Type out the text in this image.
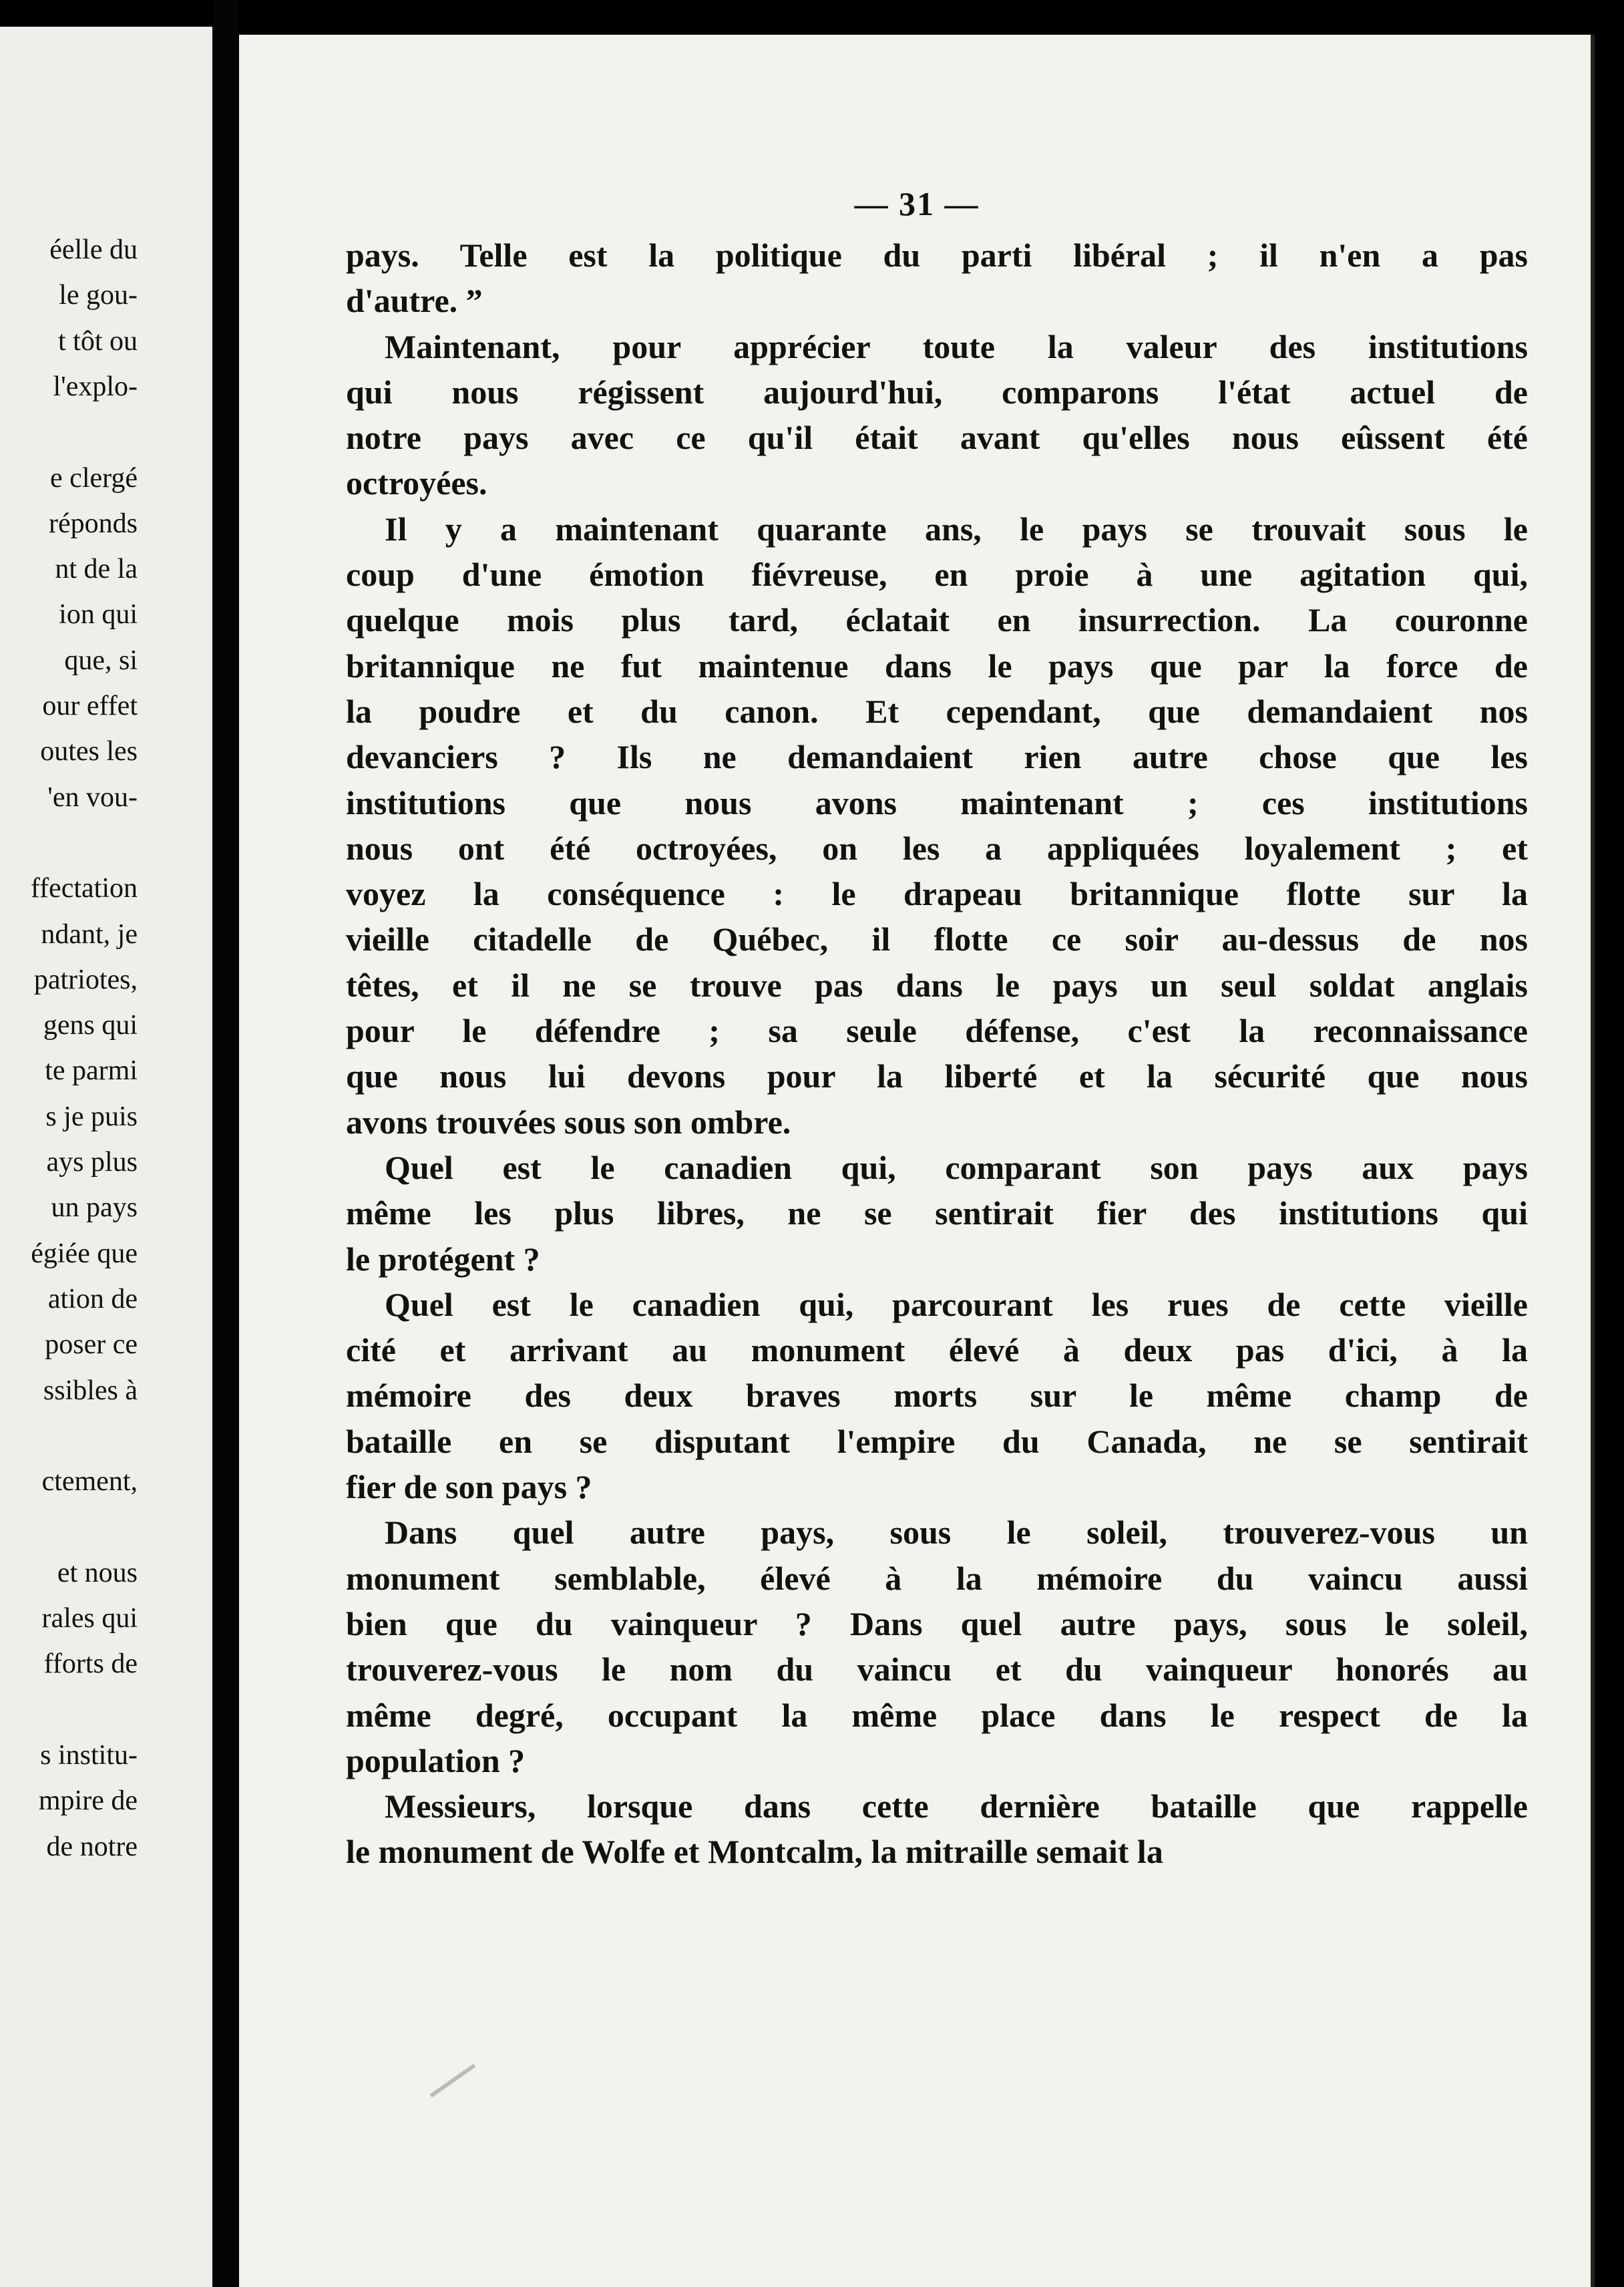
éelle du
le gou-
t tôt ou
l'explo-
e clergé
réponds
nt de la
ion qui
que, si
our effet
outes les
'en vou-
ffectation
ndant, je
patriotes,
gens qui
te parmi
s je puis
ays plus
un pays
égiée que
ation de
poser ce
ssibles à
ctement,
et nous
rales qui
fforts de
s institu-
mpire de
de notre
— 31 —
pays. Telle est la politique du parti libéral ; il n'en a pas
d'autre. ”
Maintenant, pour apprécier toute la valeur des institutions
qui nous régissent aujourd'hui, comparons l'état actuel de
notre pays avec ce qu'il était avant qu'elles nous eûssent été
octroyées.
Il y a maintenant quarante ans, le pays se trouvait sous le
coup d'une émotion fiévreuse, en proie à une agitation qui,
quelque mois plus tard, éclatait en insurrection. La couronne
britannique ne fut maintenue dans le pays que par la force de
la poudre et du canon. Et cependant, que demandaient nos
devanciers ? Ils ne demandaient rien autre chose que les
institutions que nous avons maintenant ; ces institutions
nous ont été octroyées, on les a appliquées loyalement ; et
voyez la conséquence : le drapeau britannique flotte sur la
vieille citadelle de Québec, il flotte ce soir au-dessus de nos
têtes, et il ne se trouve pas dans le pays un seul soldat anglais
pour le défendre ; sa seule défense, c'est la reconnaissance
que nous lui devons pour la liberté et la sécurité que nous
avons trouvées sous son ombre.
Quel est le canadien qui, comparant son pays aux pays
même les plus libres, ne se sentirait fier des institutions qui
le protégent ?
Quel est le canadien qui, parcourant les rues de cette vieille
cité et arrivant au monument élevé à deux pas d'ici, à la
mémoire des deux braves morts sur le même champ de
bataille en se disputant l'empire du Canada, ne se sentirait
fier de son pays ?
Dans quel autre pays, sous le soleil, trouverez-vous un
monument semblable, élevé à la mémoire du vaincu aussi
bien que du vainqueur ? Dans quel autre pays, sous le soleil,
trouverez-vous le nom du vaincu et du vainqueur honorés au
même degré, occupant la même place dans le respect de la
population ?
Messieurs, lorsque dans cette dernière bataille que rappelle
le monument de Wolfe et Montcalm, la mitraille semait la
